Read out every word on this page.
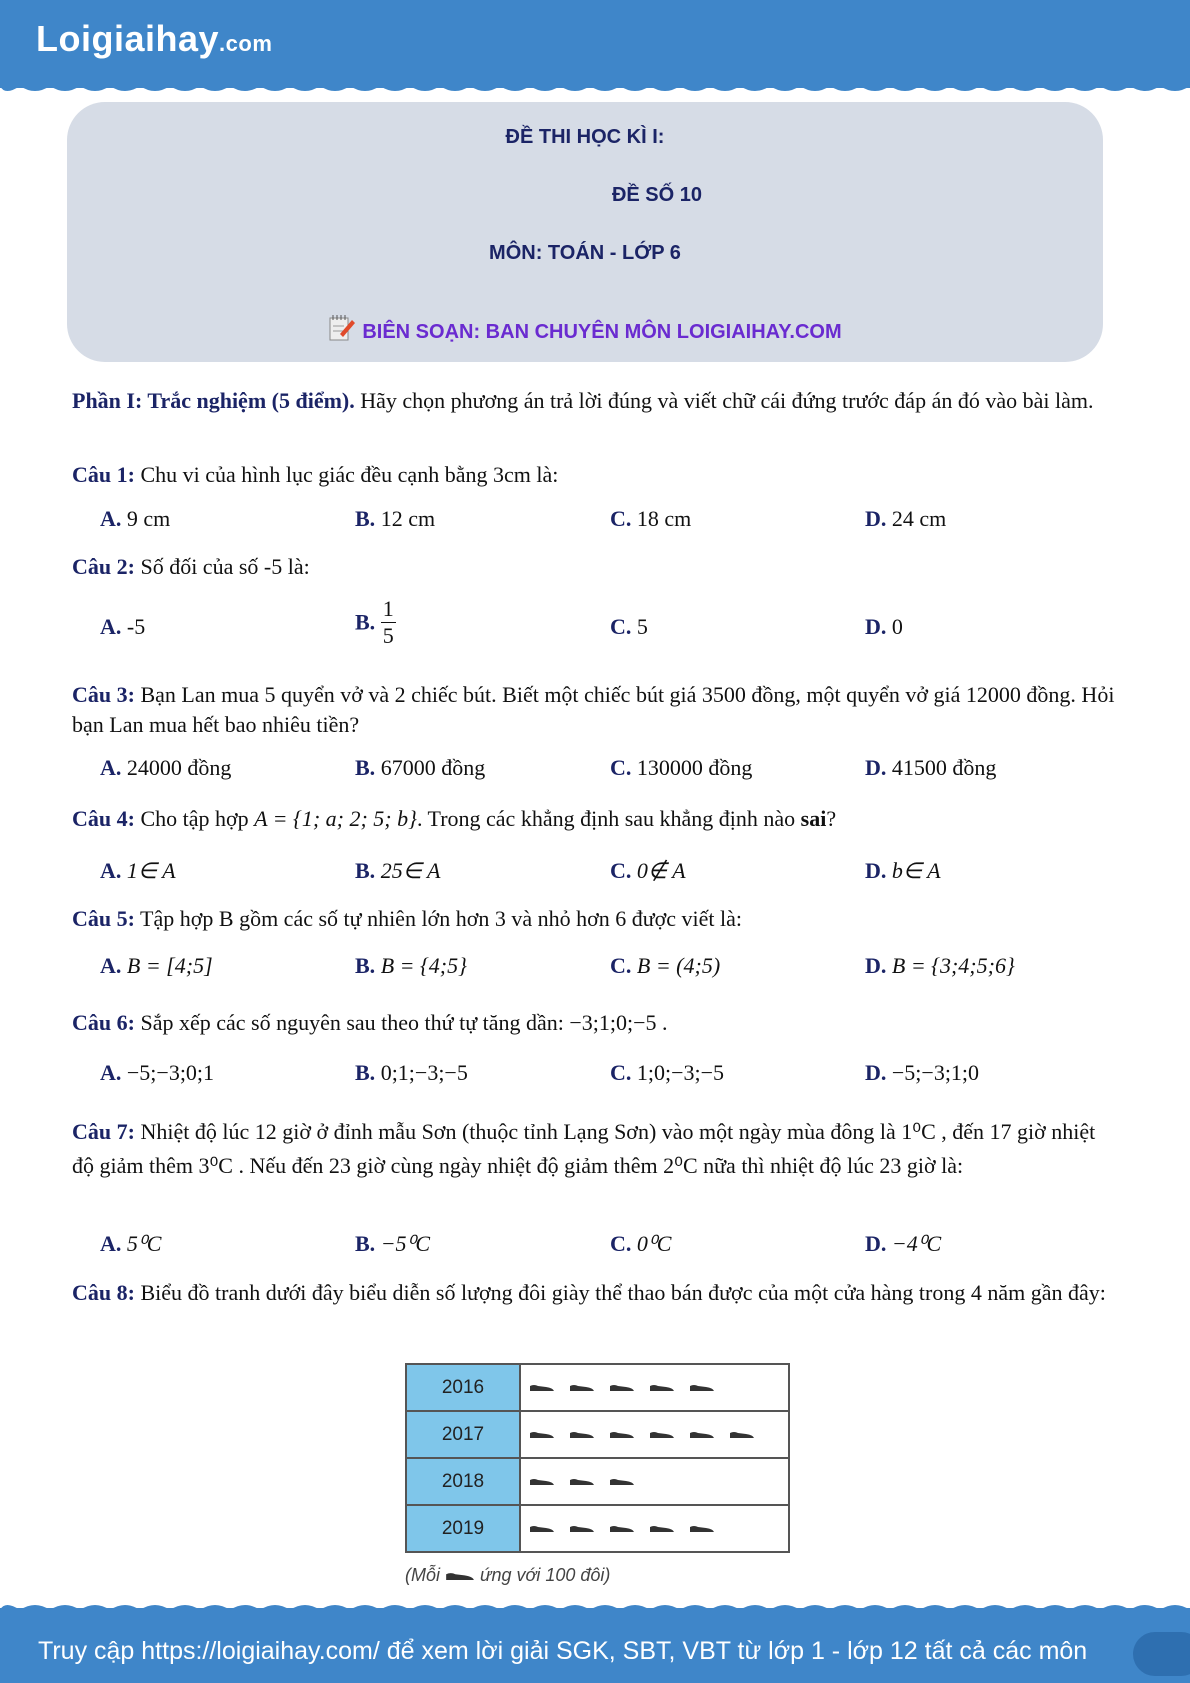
Loigiaihay.com
ĐỀ THI HỌC KÌ I:
ĐỀ SỐ 10
MÔN: TOÁN - LỚP 6
BIÊN SOẠN: BAN CHUYÊN MÔN LOIGIAIHAY.COM

Phần I: Trắc nghiệm (5 điểm). Hãy chọn phương án trả lời đúng và viết chữ cái đứng trước đáp án đó vào bài làm.

Câu 1: Chu vi của hình lục giác đều cạnh bằng 3cm là:
A. 9 cm	B. 12 cm	C. 18 cm	D. 24 cm
Câu 2: Số đối của số -5 là:
A. -5	B. $\frac{1}{5}$	C. 5	D. 0
Câu 3: Bạn Lan mua 5 quyển vở và 2 chiếc bút. Biết một chiếc bút giá 3500 đồng, một quyển vở giá 12000 đồng. Hỏi bạn Lan mua hết bao nhiêu tiền?
A. 24000 đồng	B. 67000 đồng	C. 130000 đồng	D. 41500 đồng
Câu 4: Cho tập hợp A = {1; a; 2; 5; b}. Trong các khẳng định sau khẳng định nào sai?
A. 1∈ A	B. 25∈ A	C. 0∉ A	D. b∈ A
Câu 5: Tập hợp B gồm các số tự nhiên lớn hơn 3 và nhỏ hơn 6 được viết là:
A. B = [4;5]	B. B = {4;5}	C. B = (4;5)	D. B = {3;4;5;6}
Câu 6: Sắp xếp các số nguyên sau theo thứ tự tăng dần: −3;1;0;−5 .
A. −5;−3;0;1	B. 0;1;−3;−5	C. 1;0;−3;−5	D. −5;−3;1;0
Câu 7: Nhiệt độ lúc 12 giờ ở đỉnh mẫu Sơn (thuộc tỉnh Lạng Sơn) vào một ngày mùa đông là 1⁰C , đến 17 giờ nhiệt độ giảm thêm 3⁰C . Nếu đến 23 giờ cùng ngày nhiệt độ giảm thêm 2⁰C nữa thì nhiệt độ lúc 23 giờ là:
A. 5⁰C	B. −5⁰C	C. 0⁰C	D. −4⁰C
Câu 8: Biểu đồ tranh dưới đây biểu diễn số lượng đôi giày thể thao bán được của một cửa hàng trong 4 năm gần đây:
2016	
2017	
2018	
2019	
(Mỗi ứng với 100 đôi)
Truy cập https://loigiaihay.com/ để xem lời giải SGK, SBT, VBT từ lớp 1 - lớp 12 tất cả các môn
